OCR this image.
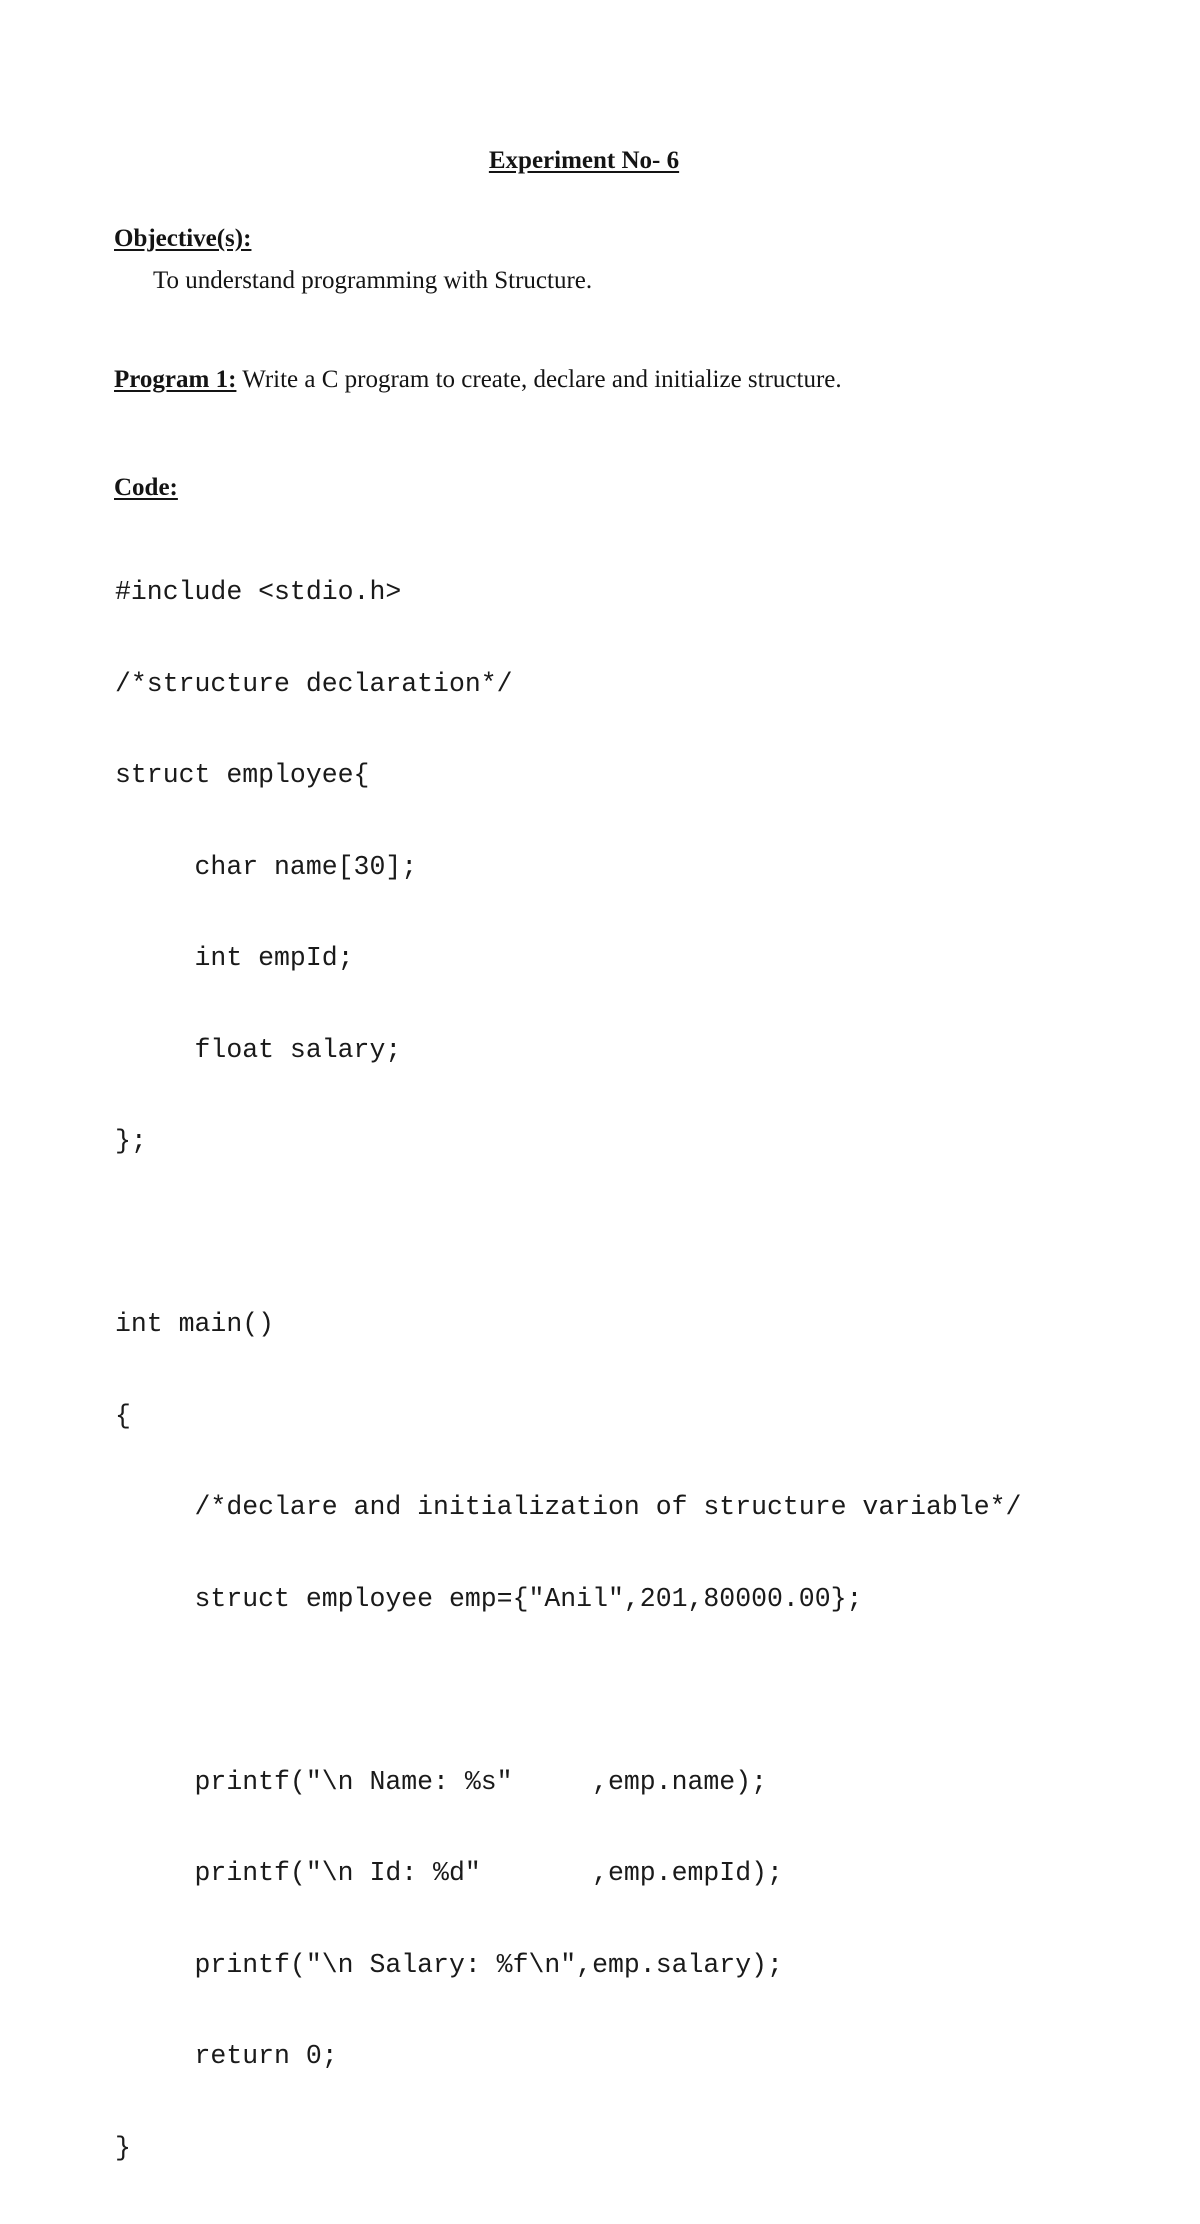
Experiment No- 6
Objective(s):
To understand programming with Structure.
Program 1: Write a C program to create, declare and initialize structure.
Code:

#include <stdio.h>

/*structure declaration*/

struct employee{

char name[30];

int empId;

float salary;

};

int main()

{

/*declare and initialization of structure variable*/

struct employee emp={"Anil",201,80000.00};

printf("\n Name: %s"     ,emp.name);

printf("\n Id: %d"       ,emp.empId);

printf("\n Salary: %f\n",emp.salary);

return 0;

}
